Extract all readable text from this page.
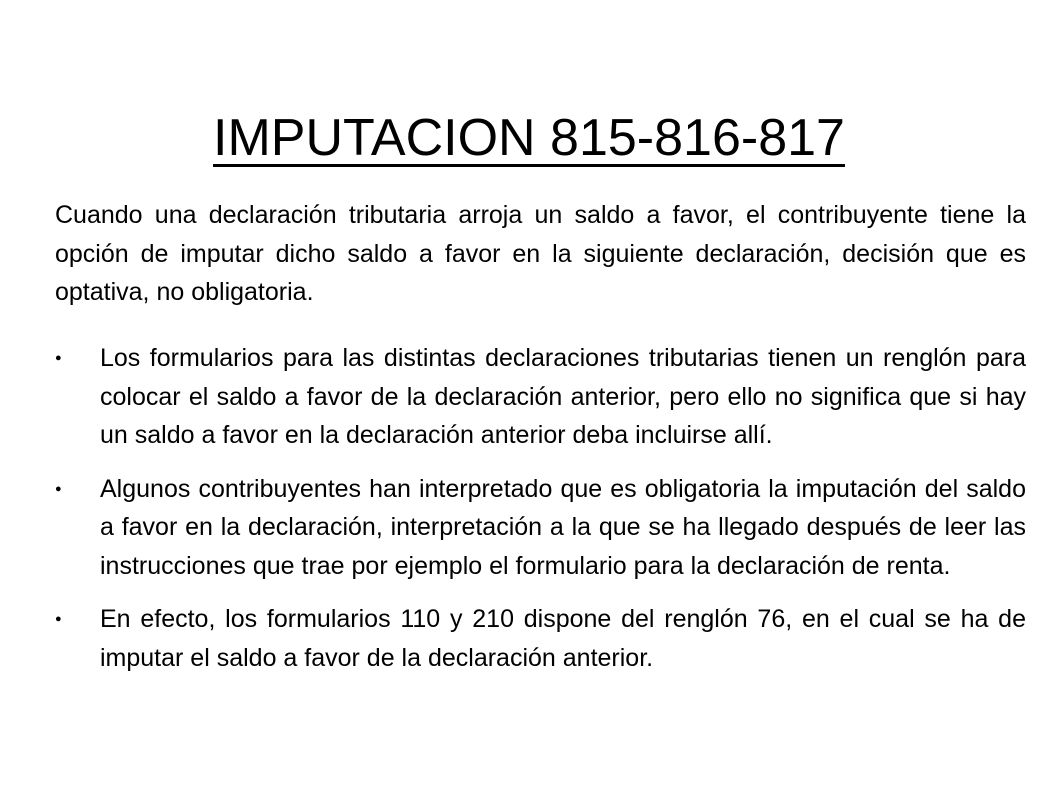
IMPUTACION 815-816-817

Cuando una declaración tributaria arroja un saldo a favor, el contribuyente tiene la opción de imputar dicho saldo a favor en la siguiente declaración, decisión que es optativa, no obligatoria.

● Los formularios para las distintas declaraciones tributarias tienen un renglón para colocar el saldo a favor de la declaración anterior, pero ello no significa que si hay un saldo a favor en la declaración anterior deba incluirse allí.
● Algunos contribuyentes han interpretado que es obligatoria la imputación del saldo a favor en la declaración, interpretación a la que se ha llegado después de leer las instrucciones que trae por ejemplo el formulario para la declaración de renta.
● En efecto, los formularios 110 y 210 dispone del renglón 76, en el cual se ha de imputar el saldo a favor de la declaración anterior.
